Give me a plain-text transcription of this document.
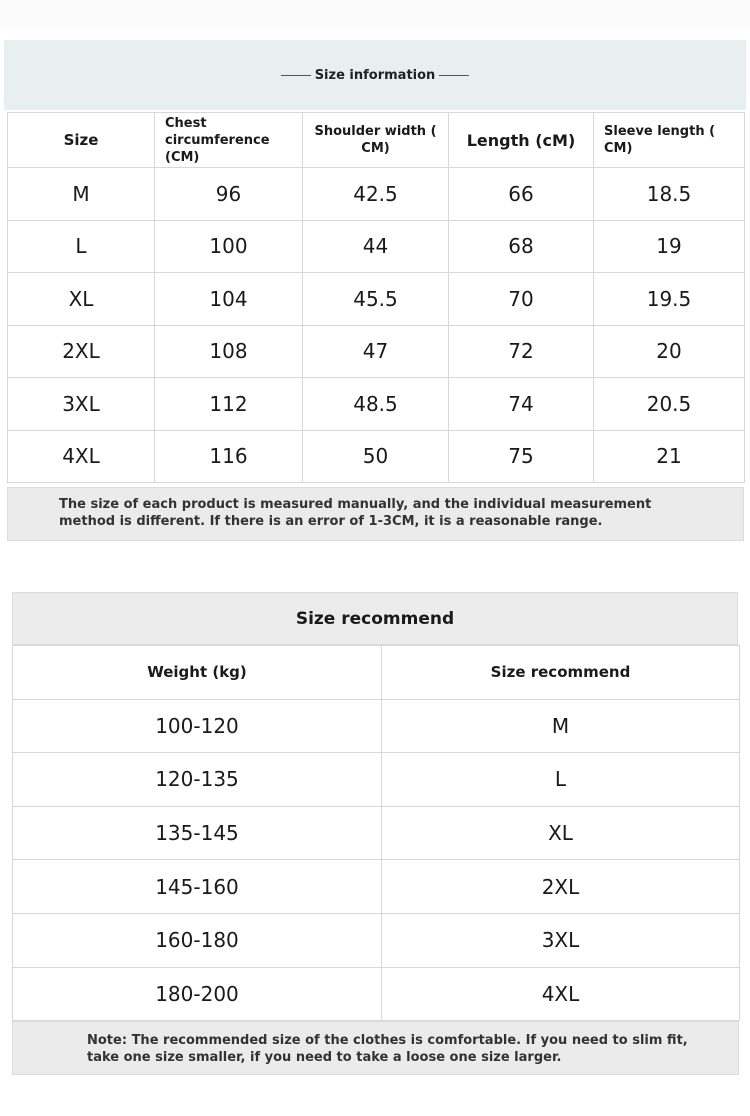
Size information
Size	Chest circumference (CM)	Shoulder width ( CM)	Length (cM)	Sleeve length ( CM)
M	96	42.5	66	18.5
L	100	44	68	19
XL	104	45.5	70	19.5
2XL	108	47	72	20
3XL	112	48.5	74	20.5
4XL	116	50	75	21
The size of each product is measured manually, and the individual measurement method is different. If there is an error of 1-3CM, it is a reasonable range.
Size recommend
Weight (kg)	Size recommend
100-120	M
120-135	L
135-145	XL
145-160	2XL
160-180	3XL
180-200	4XL
Note: The recommended size of the clothes is comfortable. If you need to slim fit, take one size smaller, if you need to take a loose one size larger.
